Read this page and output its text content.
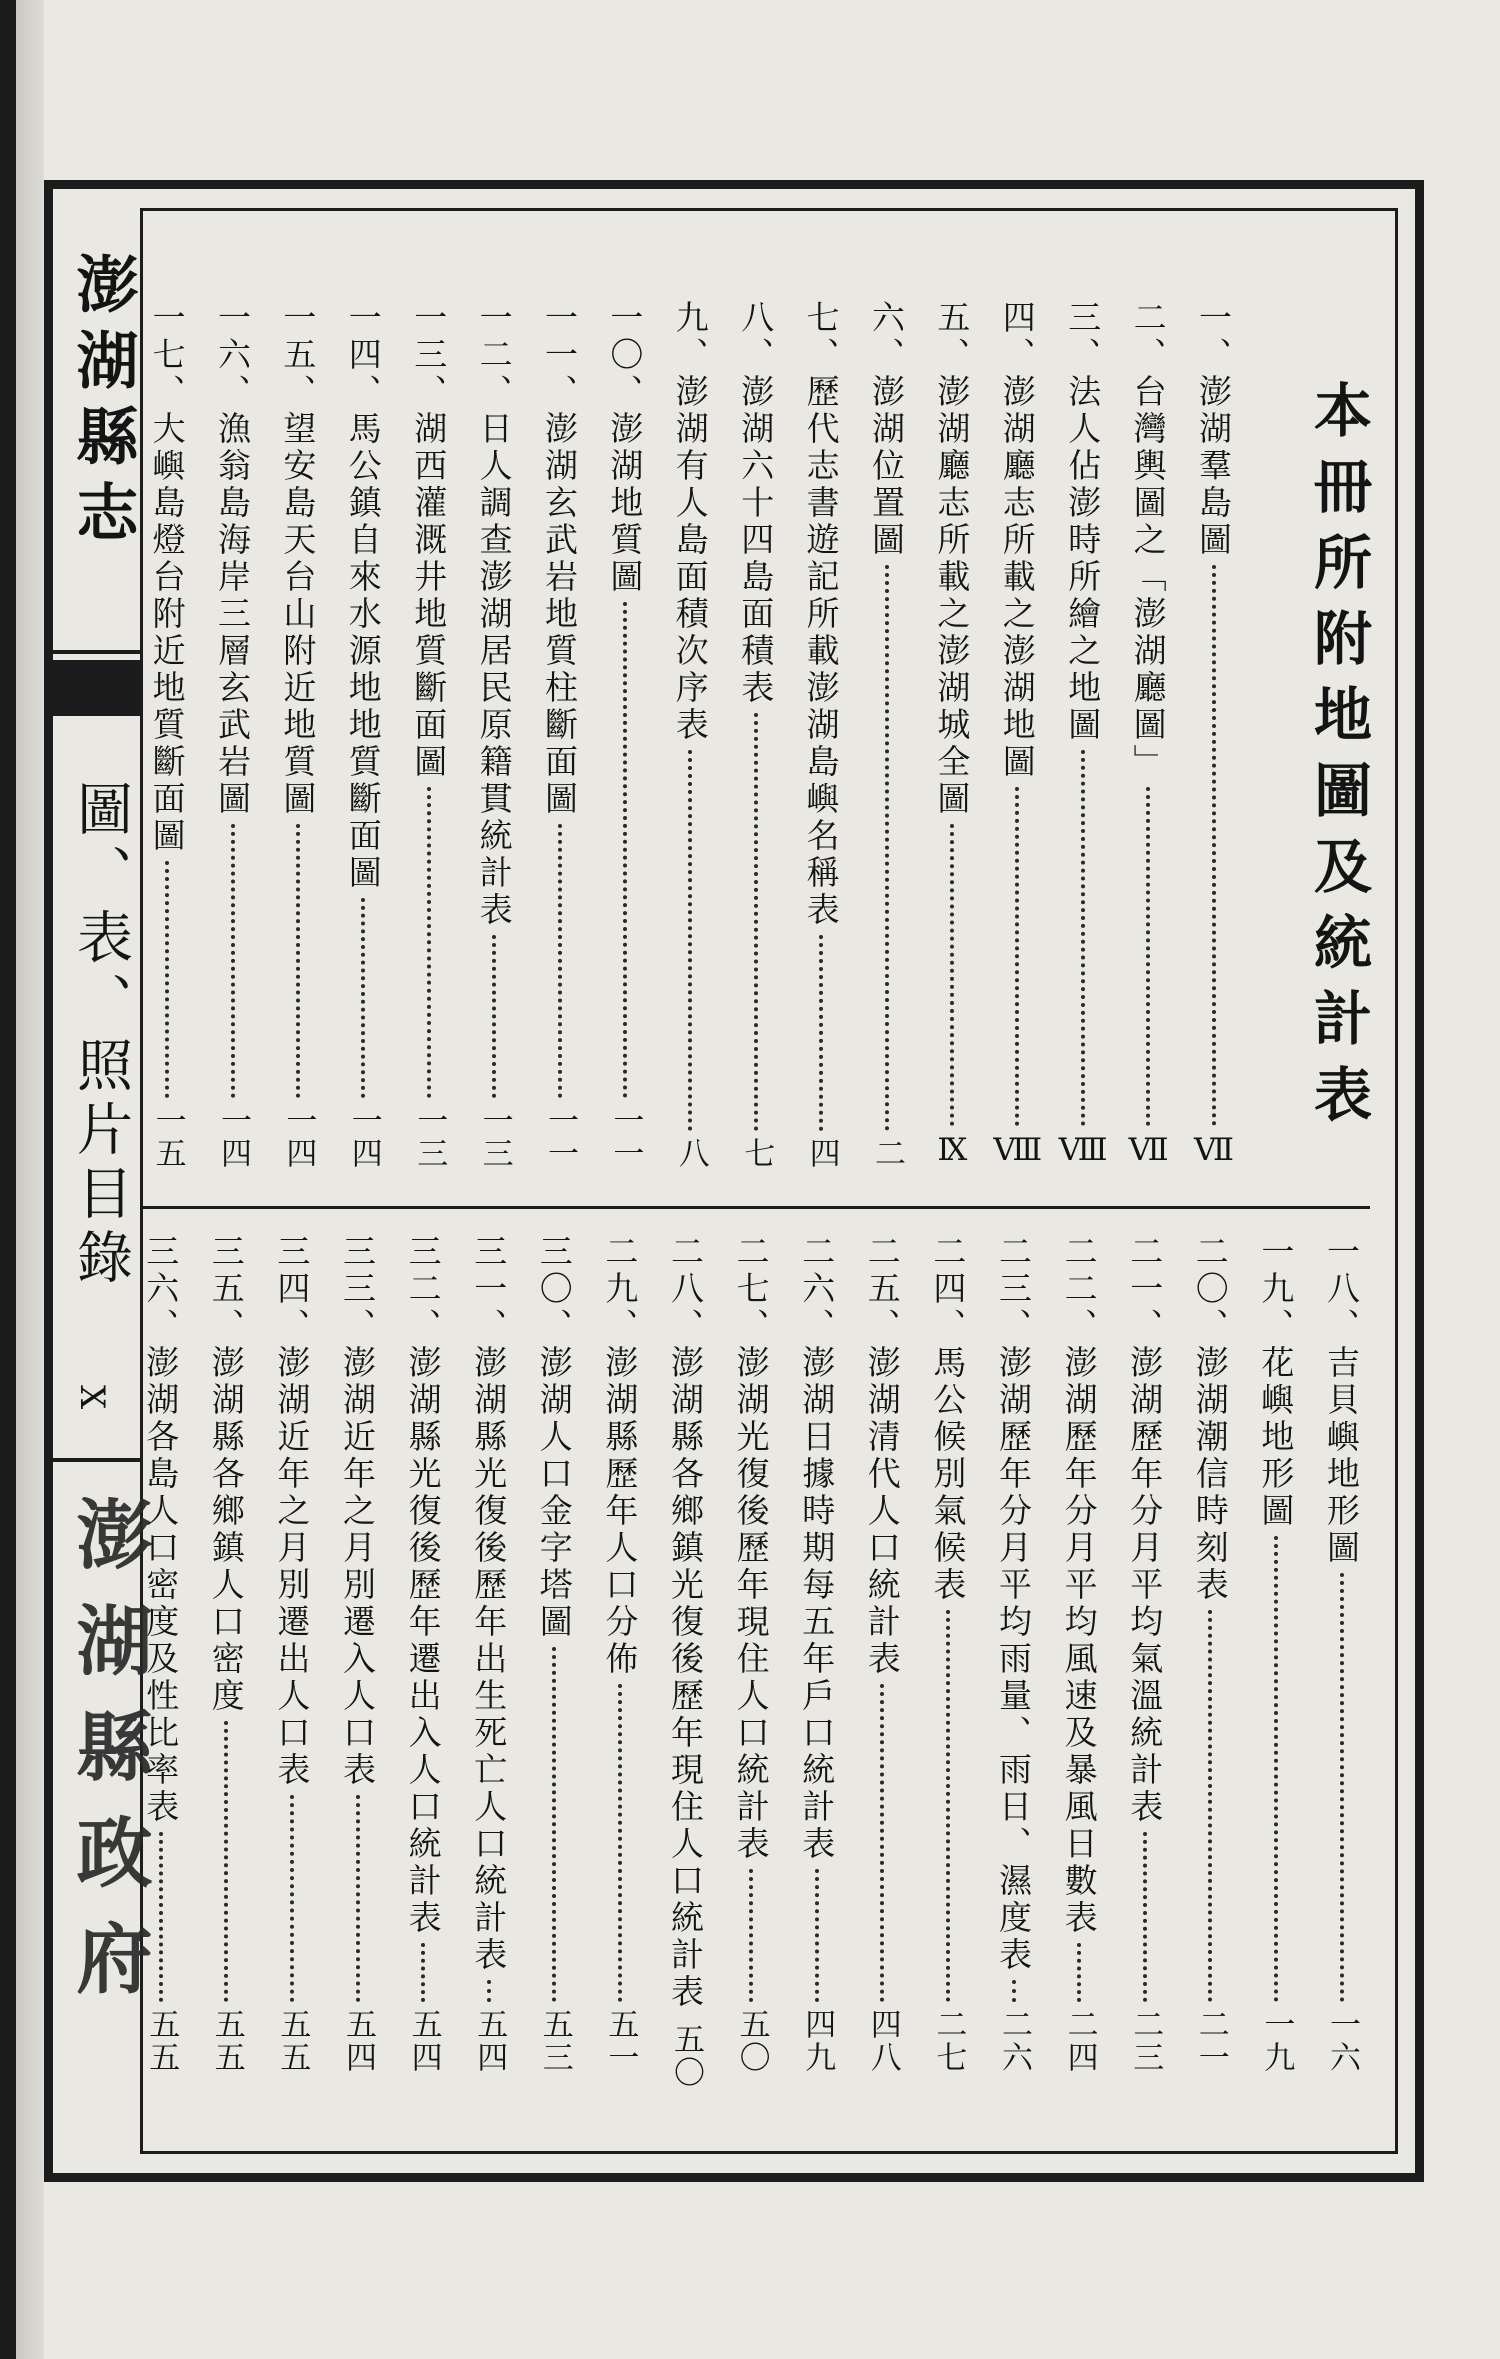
澎湖縣志
圖、表、照片目錄
X
澎湖縣政府
本冊所附地圖及統計表
一、澎湖羣島圖
Ⅶ
二、台灣輿圖之「澎湖廳圖」
Ⅶ
三、法人佔澎時所繪之地圖
Ⅷ
四、澎湖廳志所載之澎湖地圖
Ⅷ
五、澎湖廳志所載之澎湖城全圖
Ⅸ
六、澎湖位置圖
二
七、歷代志書遊記所載澎湖島嶼名稱表
四
八、澎湖六十四島面積表
七
九、澎湖有人島面積次序表
八
一〇、澎湖地質圖
一一
一一、澎湖玄武岩地質柱斷面圖
一一
一二、日人調查澎湖居民原籍貫統計表
一三
一三、湖西灌溉井地質斷面圖
一三
一四、馬公鎮自來水源地地質斷面圖
一四
一五、望安島天台山附近地質圖
一四
一六、漁翁島海岸三層玄武岩圖
一四
一七、大嶼島燈台附近地質斷面圖
一五
一八、吉貝嶼地形圖
一六
一九、花嶼地形圖
一九
二〇、澎湖潮信時刻表
二一
二一、澎湖歷年分月平均氣溫統計表
二三
二二、澎湖歷年分月平均風速及暴風日數表
二四
二三、澎湖歷年分月平均雨量、雨日、濕度表
二六
二四、馬公候別氣候表
二七
二五、澎湖清代人口統計表
四八
二六、澎湖日據時期每五年戶口統計表
四九
二七、澎湖光復後歷年現住人口統計表
五〇
二八、澎湖縣各鄉鎮光復後歷年現住人口統計表
五〇
二九、澎湖縣歷年人口分佈
五一
三〇、澎湖人口金字塔圖
五三
三一、澎湖縣光復後歷年出生死亡人口統計表
五四
三二、澎湖縣光復後歷年遷出入人口統計表
五四
三三、澎湖近年之月別遷入人口表
五四
三四、澎湖近年之月別遷出人口表
五五
三五、澎湖縣各鄉鎮人口密度
五五
三六、澎湖各島人口密度及性比率表
五五
